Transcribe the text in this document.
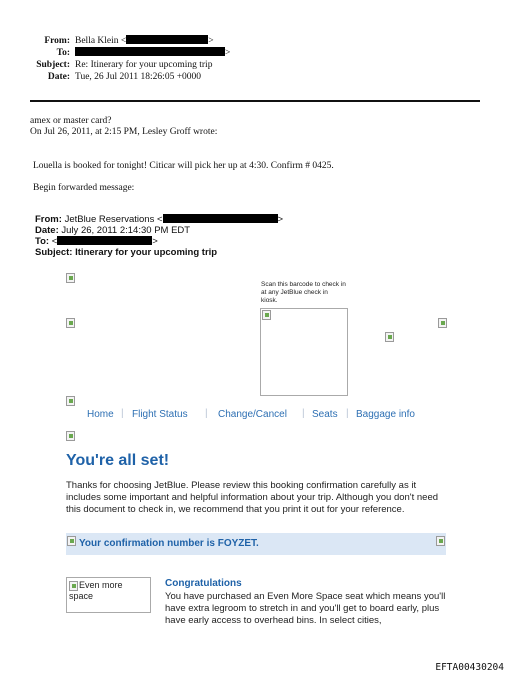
From: Bella Klein <	>
To:	>
Subject: Re: Itinerary for your upcoming trip
Date: Tue, 26 Jul 2011 18:26:05 +0000
amex or master card?
On Jul 26, 2011, at 2:15 PM, Lesley Groff wrote:
Louella is booked for tonight! Citicar will pick her up at 4:30. Confirm # 0425.
Begin forwarded message:
From: JetBlue Reservations <	>
Date: July 26, 2011 2:14:30 PM EDT
To: <	>
Subject: Itinerary for your upcoming trip
Scan this barcode to check in at any JetBlue check in kiosk.
Home | Flight Status | Change/Cancel | Seats | Baggage info
You're all set!
Thanks for choosing JetBlue. Please review this booking confirmation carefully as it includes some important and helpful information about your trip. Although you don't need this document to check in, we recommend that you print it out for your reference.
Your confirmation number is FOYZET.
Even more space
Congratulations
You have purchased an Even More Space seat which means you'll have extra legroom to stretch in and you'll get to board early, plus have early access to overhead bins. In select cities,
EFTA00430204
